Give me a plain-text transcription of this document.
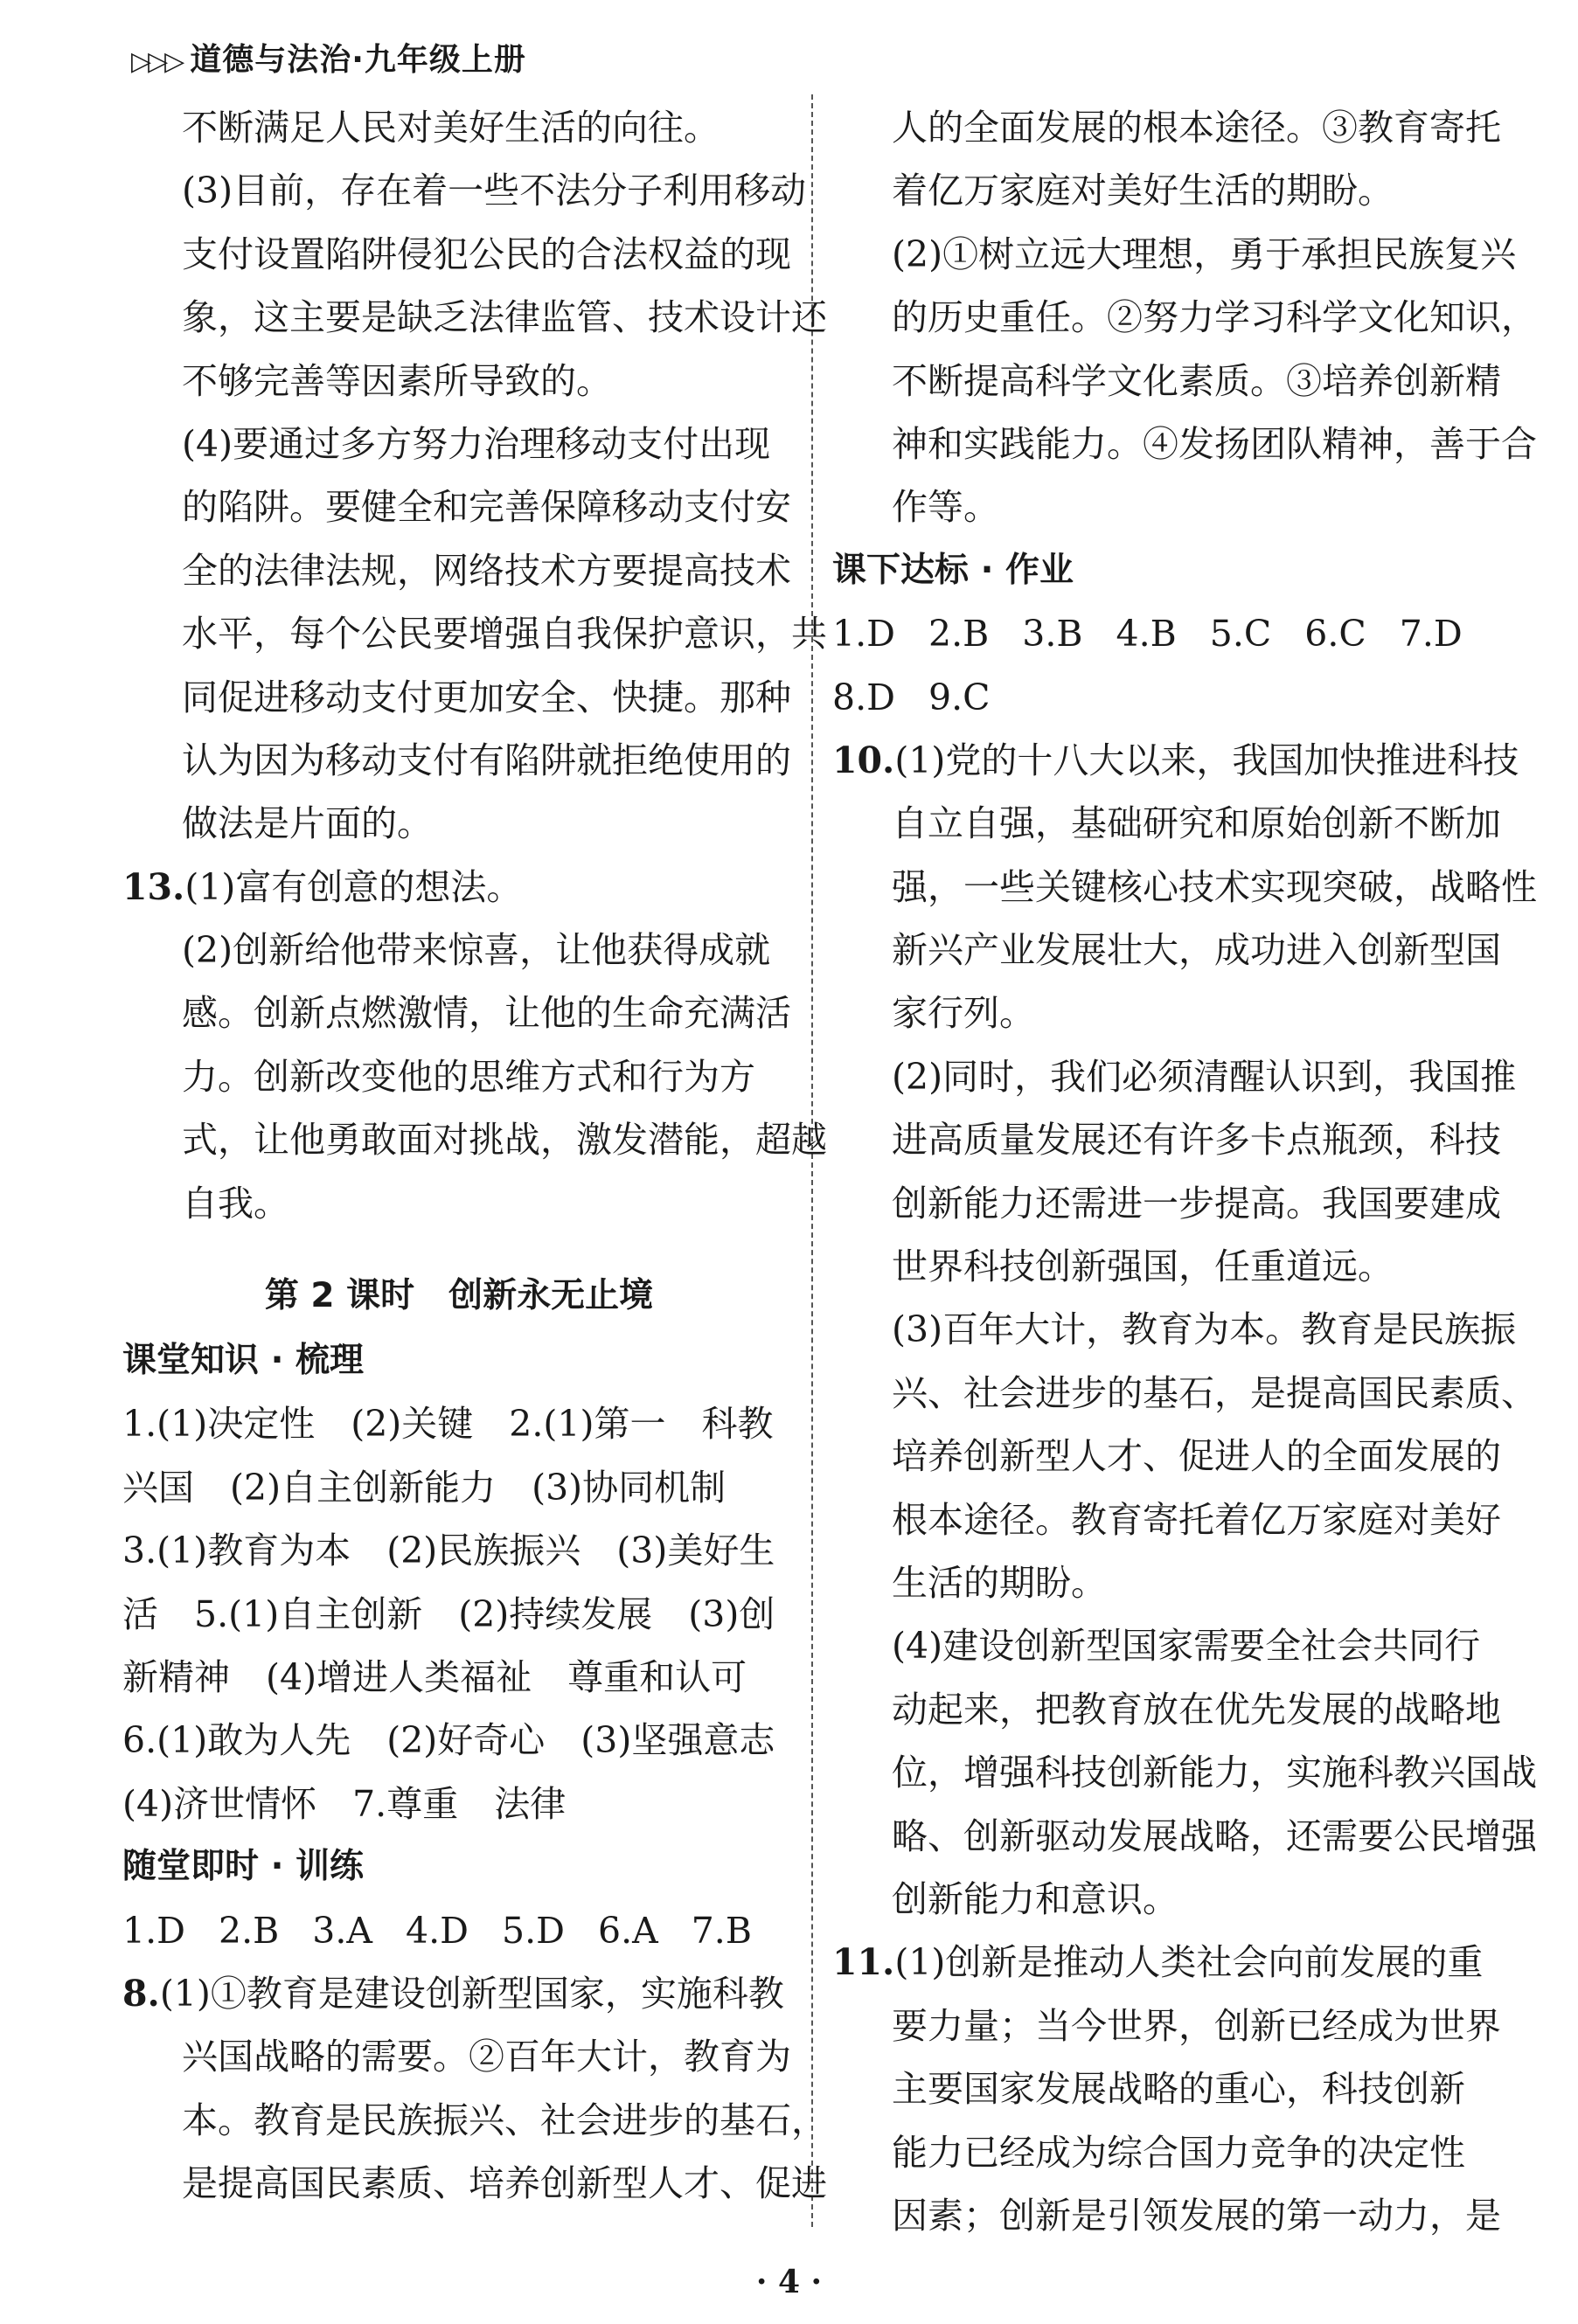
▷▷▷ 道德与法治·九年级上册
不断满足人民对美好生活的向往。
(3)目前，存在着一些不法分子利用移动
支付设置陷阱侵犯公民的合法权益的现
象，这主要是缺乏法律监管、技术设计还
不够完善等因素所导致的。
(4)要通过多方努力治理移动支付出现
的陷阱。要健全和完善保障移动支付安
全的法律法规，网络技术方要提高技术
水平，每个公民要增强自我保护意识，共
同促进移动支付更加安全、快捷。那种
认为因为移动支付有陷阱就拒绝使用的
做法是片面的。
13.(1)富有创意的想法。
(2)创新给他带来惊喜，让他获得成就
感。创新点燃激情，让他的生命充满活
力。创新改变他的思维方式和行为方
式，让他勇敢面对挑战，激发潜能，超越
自我。
第 2 课时　创新永无止境
课堂知识 · 梳理
1.(1)决定性　(2)关键　2.(1)第一　科教
兴国　(2)自主创新能力　(3)协同机制
3.(1)教育为本　(2)民族振兴　(3)美好生
活　5.(1)自主创新　(2)持续发展　(3)创
新精神　(4)增进人类福祉　尊重和认可
6.(1)敢为人先　(2)好奇心　(3)坚强意志
(4)济世情怀　7.尊重　法律
随堂即时 · 训练
1.D 2.B 3.A 4.D 5.D 6.A 7.B
8.(1)①教育是建设创新型国家，实施科教
兴国战略的需要。②百年大计，教育为
本。教育是民族振兴、社会进步的基石，
是提高国民素质、培养创新型人才、促进
人的全面发展的根本途径。③教育寄托
着亿万家庭对美好生活的期盼。
(2)①树立远大理想，勇于承担民族复兴
的历史重任。②努力学习科学文化知识，
不断提高科学文化素质。③培养创新精
神和实践能力。④发扬团队精神，善于合
作等。
课下达标 · 作业
1.D 2.B 3.B 4.B 5.C 6.C 7.D
8.D 9.C
10.(1)党的十八大以来，我国加快推进科技
自立自强，基础研究和原始创新不断加
强，一些关键核心技术实现突破，战略性
新兴产业发展壮大，成功进入创新型国
家行列。
(2)同时，我们必须清醒认识到，我国推
进高质量发展还有许多卡点瓶颈，科技
创新能力还需进一步提高。我国要建成
世界科技创新强国，任重道远。
(3)百年大计，教育为本。教育是民族振
兴、社会进步的基石，是提高国民素质、
培养创新型人才、促进人的全面发展的
根本途径。教育寄托着亿万家庭对美好
生活的期盼。
(4)建设创新型国家需要全社会共同行
动起来，把教育放在优先发展的战略地
位，增强科技创新能力，实施科教兴国战
略、创新驱动发展战略，还需要公民增强
创新能力和意识。
11.(1)创新是推动人类社会向前发展的重
要力量；当今世界，创新已经成为世界
主要国家发展战略的重心，科技创新
能力已经成为综合国力竞争的决定性
因素；创新是引领发展的第一动力，是
· 4 ·
